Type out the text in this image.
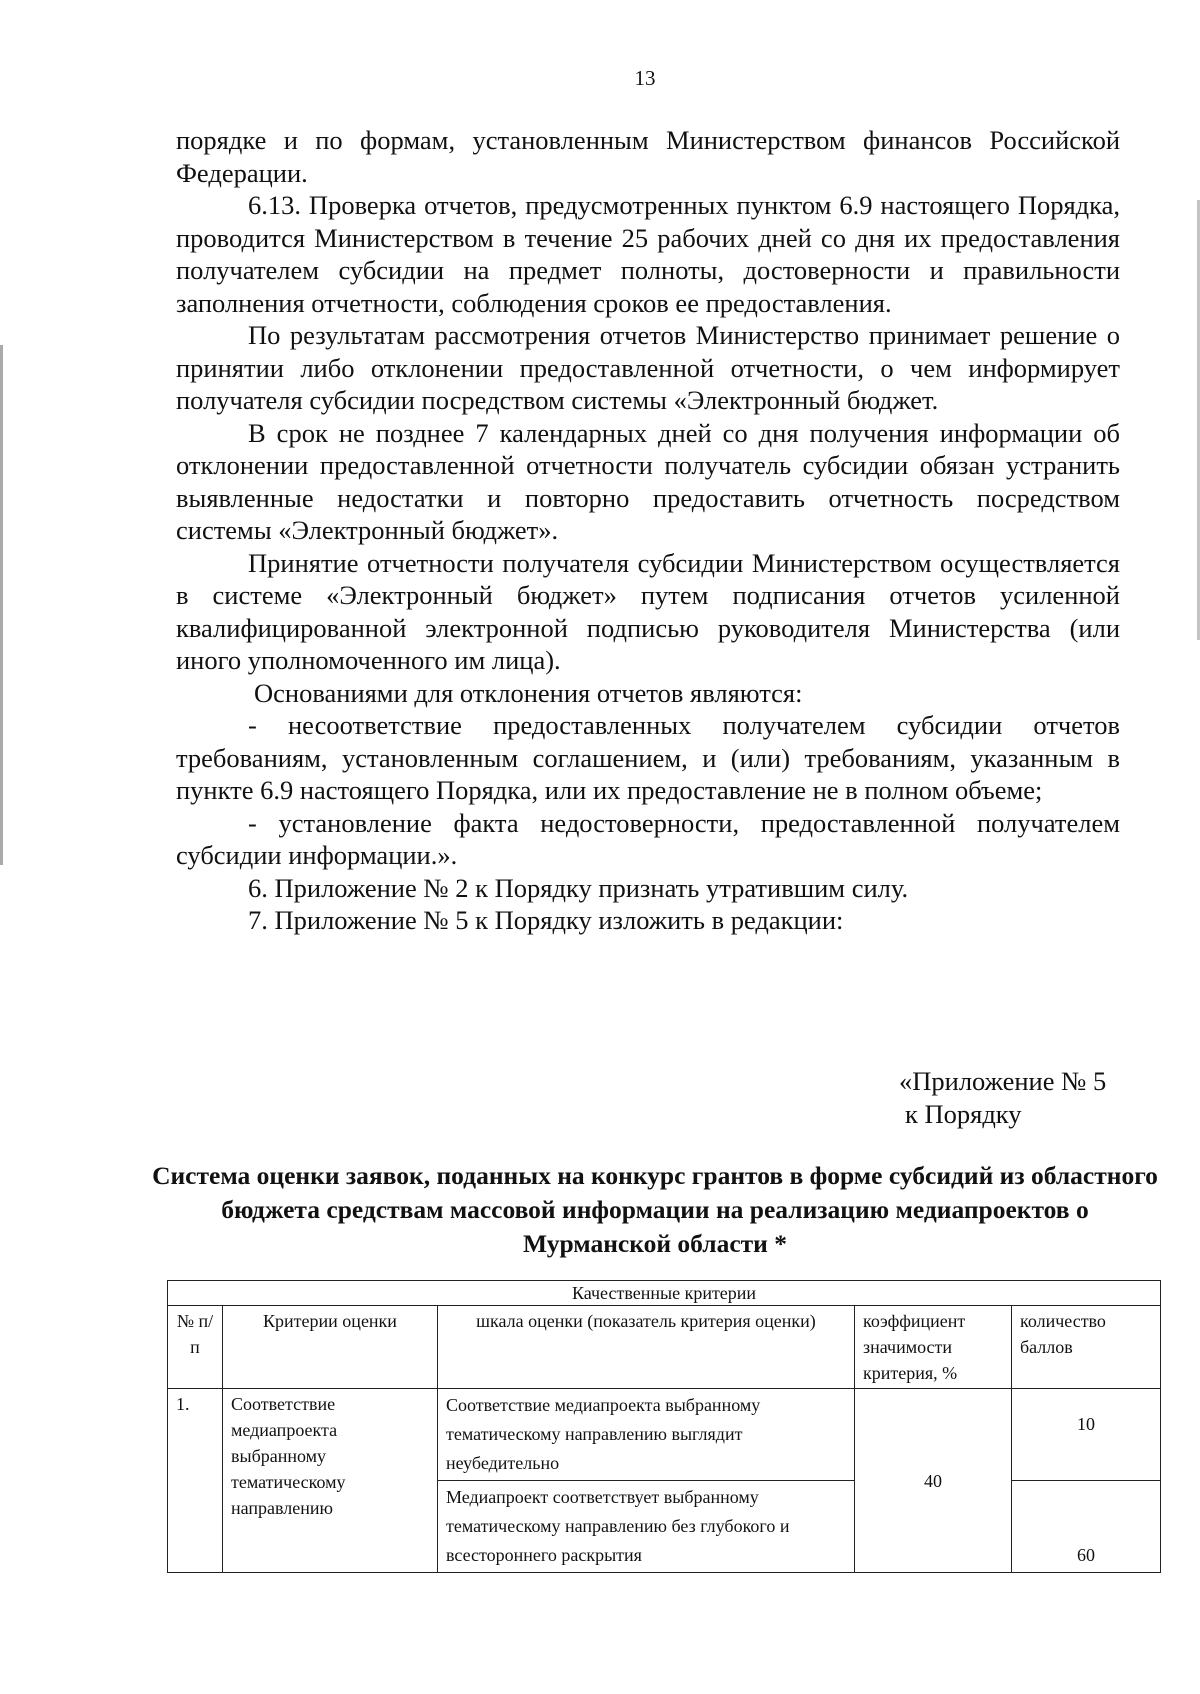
13

порядке и по формам, установленным Министерством финансов Российской Федерации.

6.13. Проверка отчетов, предусмотренных пунктом 6.9 настоящего Порядка, проводится Министерством в течение 25 рабочих дней со дня их предоставления получателем субсидии на предмет полноты, достоверности и правильности заполнения отчетности, соблюдения сроков ее предоставления.

По результатам рассмотрения отчетов Министерство принимает решение о принятии либо отклонении предоставленной отчетности, о чем информирует получателя субсидии посредством системы «Электронный бюджет.

В срок не позднее 7 календарных дней со дня получения информации об отклонении предоставленной отчетности получатель субсидии обязан устранить выявленные недостатки и повторно предоставить отчетность посредством системы «Электронный бюджет».

Принятие отчетности получателя субсидии Министерством осуществляется в системе «Электронный бюджет» путем подписания отчетов усиленной квалифицированной электронной подписью руководителя Министерства (или иного уполномоченного им лица).

Основаниями для отклонения отчетов являются:

- несоответствие предоставленных получателем субсидии отчетов требованиям, установленным соглашением, и (или) требованиям, указанным в пункте 6.9 настоящего Порядка, или их предоставление не в полном объеме;

- установление факта недостоверности, предоставленной получателем субсидии информации.».

6. Приложение № 2 к Порядку признать утратившим силу.

7. Приложение № 5 к Порядку изложить в редакции:

«Приложение № 5
к Порядку
Система оценки заявок, поданных на конкурс грантов в форме субсидий из областного бюджета средствам массовой информации на реализацию медиапроектов о Мурманской области *
Качественные критерии				
№ п/п	Критерии оценки	шкала оценки (показатель критерия оценки)	коэффициент значимости критерия, %	количество баллов
1.	Соответствие медиапроекта выбранному тематическому направлению	Соответствие медиапроекта выбранному тематическому направлению выглядит неубедительно	40	10
		Медиапроект соответствует выбранному тематическому направлению без глубокого и всестороннего раскрытия		60
